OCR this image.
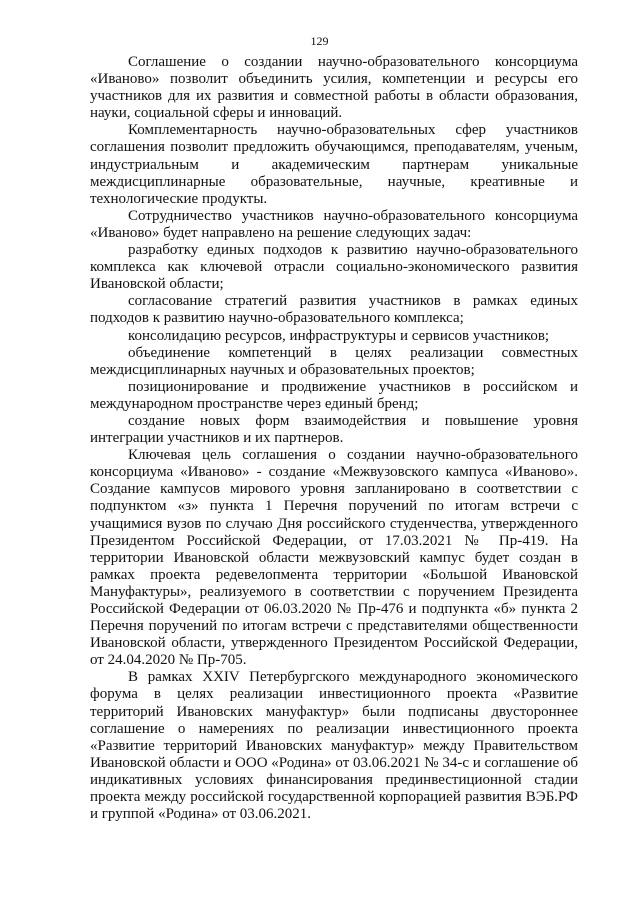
129

Соглашение о создании научно-образовательного консорциума «Иваново» позволит объединить усилия, компетенции и ресурсы его участников для их развития и совместной работы в области образования, науки, социальной сферы и инноваций.

Комплементарность научно-образовательных сфер участников соглашения позволит предложить обучающимся, преподавателям, ученым, индустриальным и академическим партнерам уникальные междисциплинарные образовательные, научные, креативные и технологические продукты.

Сотрудничество участников научно-образовательного консорциума «Иваново» будет направлено на решение следующих задач:

разработку единых подходов к развитию научно-образовательного комплекса как ключевой отрасли социально-экономического развития Ивановской области;

согласование стратегий развития участников в рамках единых подходов к развитию научно-образовательного комплекса;

консолидацию ресурсов, инфраструктуры и сервисов участников;

объединение компетенций в целях реализации совместных междисциплинарных научных и образовательных проектов;

позиционирование и продвижение участников в российском и международном пространстве через единый бренд;

создание новых форм взаимодействия и повышение уровня интеграции участников и их партнеров.

Ключевая цель соглашения о создании научно-образовательного консорциума «Иваново» - создание «Межвузовского кампуса «Иваново». Создание кампусов мирового уровня запланировано в соответствии с подпунктом «з» пункта 1 Перечня поручений по итогам встречи с учащимися вузов по случаю Дня российского студенчества, утвержденного Президентом Российской Федерации, от 17.03.2021 № Пр-419. На территории Ивановской области межвузовский кампус будет создан в рамках проекта редевелопмента территории «Большой Ивановской Мануфактуры», реализуемого в соответствии с поручением Президента Российской Федерации от 06.03.2020 № Пр-476 и подпункта «б» пункта 2 Перечня поручений по итогам встречи с представителями общественности Ивановской области, утвержденного Президентом Российской Федерации, от 24.04.2020 № Пр-705.

В рамках XXIV Петербургского международного экономического форума в целях реализации инвестиционного проекта «Развитие территорий Ивановских мануфактур» были подписаны двустороннее соглашение о намерениях по реализации инвестиционного проекта «Развитие территорий Ивановских мануфактур» между Правительством Ивановской области и ООО «Родина» от 03.06.2021 № 34-с и соглашение об индикативных условиях финансирования прединвестиционной стадии проекта между российской государственной корпорацией развития ВЭБ.РФ и группой «Родина» от 03.06.2021.
